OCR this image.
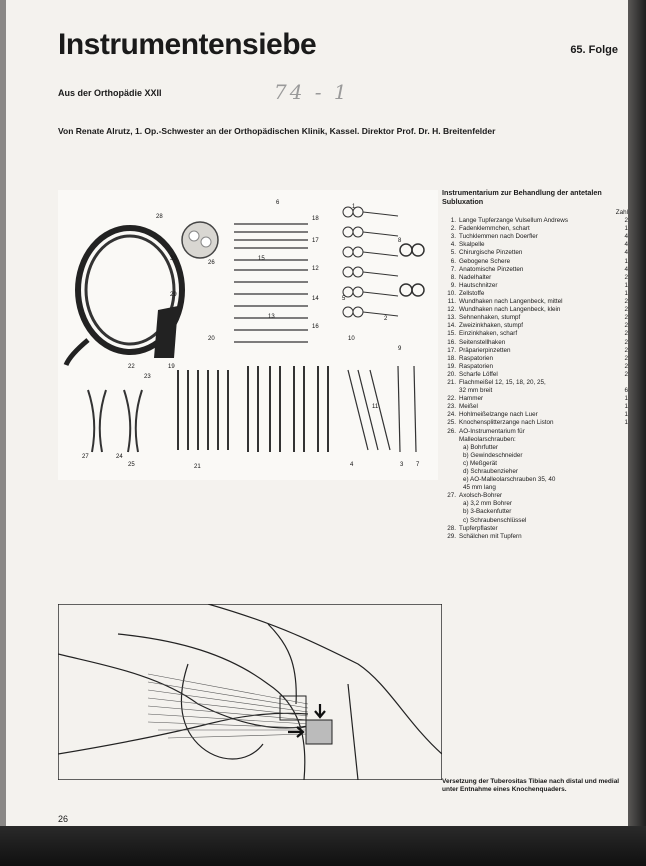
Instrumentensiebe	65. Folge
Aus der Orthopädie XXII	74 - 1
Von Renate Alrutz, 1. Op.-Schwester an der Orthopädischen Klinik, Kassel. Direktor Prof. Dr. H. Breitenfelder
28
6
18
17
12
26
30
14
16
29
15
13
1
2
8
10
11
9
5
20
19
22
23
3
4	7
27	24
25	21
Instrumentarium zur Behandlung der antetalen Subluxation
Zahl
1. Lange Tupferzange Vulsellum Andrews	2
2. Fadenklemmchen, schart	1
3. Tuchklemmen nach Doerfler	4
4. Skalpelle	4
5. Chirurgische Pinzetten	4
6. Gebogene Schere	1
7. Anatomische Pinzetten	4
8. Nadelhalter	2
9. Hautschnitzer	1
10. Zellstoffe	1
11. Wundhaken nach Langenbeck, mittel	2
12. Wundhaken nach Langenbeck, klein	2
13. Sehnenhaken, stumpf	2
14. Zweizinkhaken, stumpf	2
15. Einzinkhaken, scharf	2
16. Seitenstellhaken	2
17. Präparierpinzetten	2
18. Raspatorien	2
19. Raspatorien	2
20. Scharfe Löffel	2
21. Flachmeißel 12, 15, 18, 20, 25,
32 mm breit	6
22. Hammer	1
23. Meißel	1
24. Hohlmeißelzange nach Luer	1
25. Knochensplitterzange nach Liston	1
26. AO-Instrumentarium für
Malleolarschrauben:
a) Bohrfutter
b) Gewindeschneider
c) Meßgerät
d) Schraubenzieher
e) AO-Malleolarschrauben 35, 40
45 mm lang
27. Axolsch-Bohrer
a) 3,2 mm Bohrer
b) 3-Backenfutter
c) Schraubenschlüssel
28. Tupferpflaster
29. Schälchen mit Tupfern
Versetzung der Tuberositas Tibiae nach distal und medial unter Entnahme eines Knochenquaders.
26
